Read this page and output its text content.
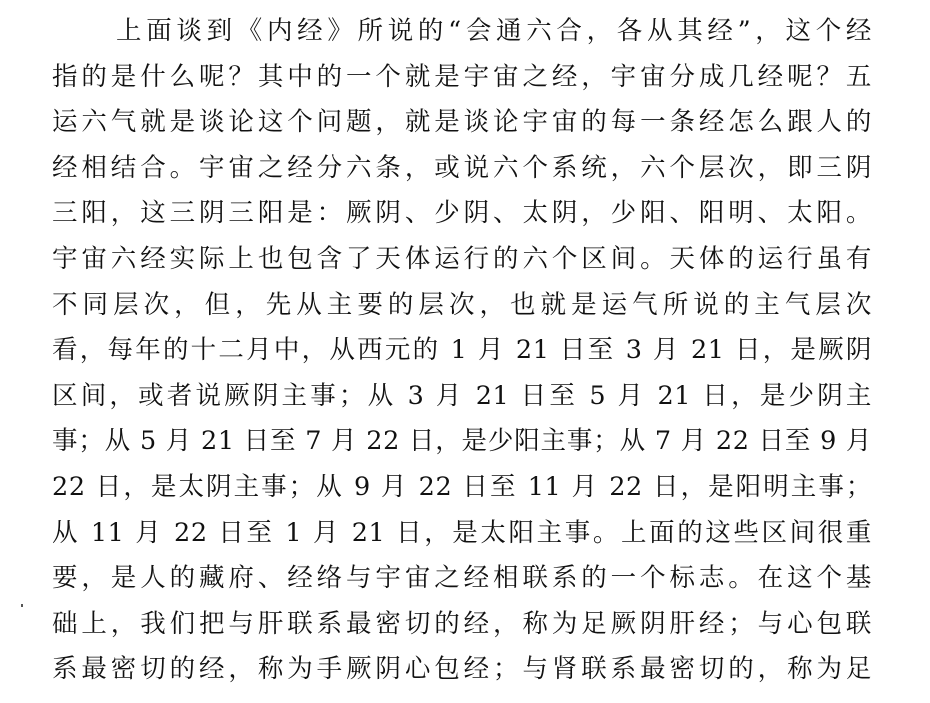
上面谈到《内经》所说的“会通六合，各从其经”，这个经
指的是什么呢？其中的一个就是宇宙之经，宇宙分成几经呢？五
运六气就是谈论这个问题，就是谈论宇宙的每一条经怎么跟人的
经相结合。宇宙之经分六条，或说六个系统，六个层次，即三阴
三阳，这三阴三阳是：厥阴、少阴、太阴，少阳、阳明、太阳。
宇宙六经实际上也包含了天体运行的六个区间。天体的运行虽有
不同层次，但，先从主要的层次，也就是运气所说的主气层次
看，每年的十二月中，从西元的 1 月 21 日至 3 月 21 日，是厥阴
区间，或者说厥阴主事；从 3 月 21 日至 5 月 21 日，是少阴主
事；从 5 月 21 日至 7 月 22 日，是少阳主事；从 7 月 22 日至 9 月
22 日，是太阴主事；从 9 月 22 日至 11 月 22 日，是阳明主事；
从 11 月 22 日至 1 月 21 日，是太阳主事。上面的这些区间很重
要，是人的藏府、经络与宇宙之经相联系的一个标志。在这个基
础上，我们把与肝联系最密切的经，称为足厥阴肝经；与心包联
系最密切的经，称为手厥阴心包经；与肾联系最密切的，称为足
